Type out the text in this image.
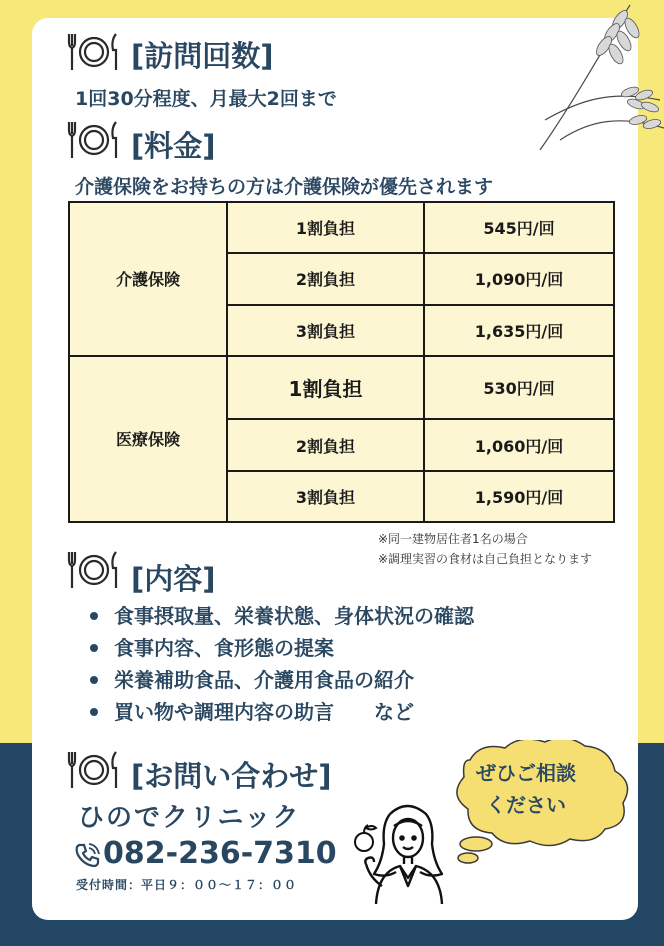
[訪問回数]
1回30分程度、月最大2回まで
[料金]
介護保険をお持ちの方は介護保険が優先されます
介護保険	1割負担	545円/回
	2割負担	1,090円/回
	3割負担	1,635円/回
医療保険	1割負担	530円/回
	2割負担	1,060円/回
	3割負担	1,590円/回
※同一建物居住者1名の場合
※調理実習の食材は自己負担となります
[内容]
食事摂取量、栄養状態、身体状況の確認
食事内容、食形態の提案
栄養補助食品、介護用食品の紹介
買い物や調理内容の助言　　など
[お問い合わせ]
ひのでクリニック
082-236-7310
受付時間：平日９：００～１７：００
ぜひご相談
ください
